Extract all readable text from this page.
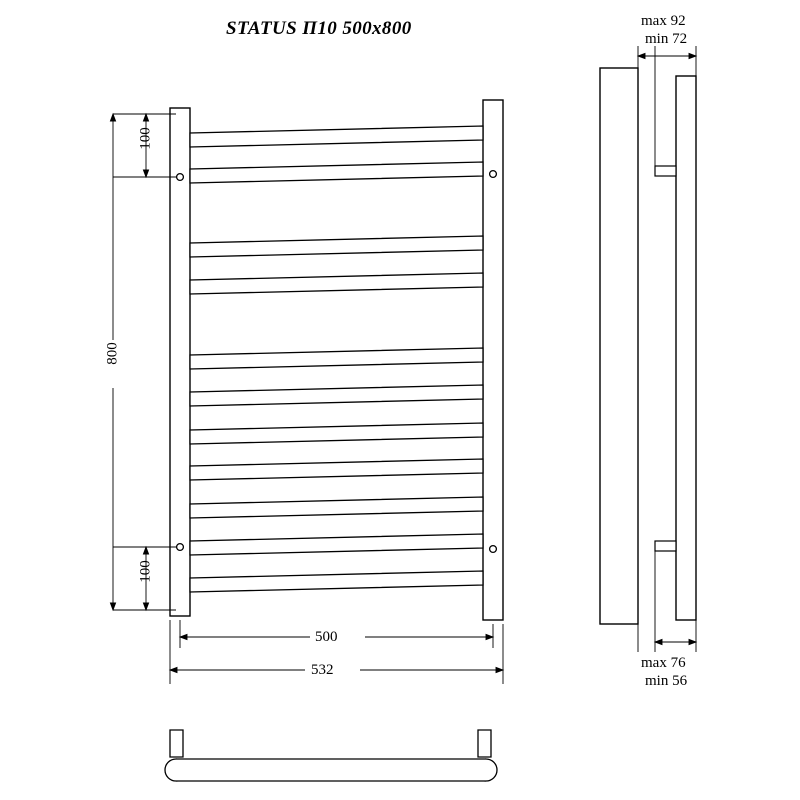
STATUS П10 500x800
100
100
800
500
532
max 92
min 72
max 76
min 56
